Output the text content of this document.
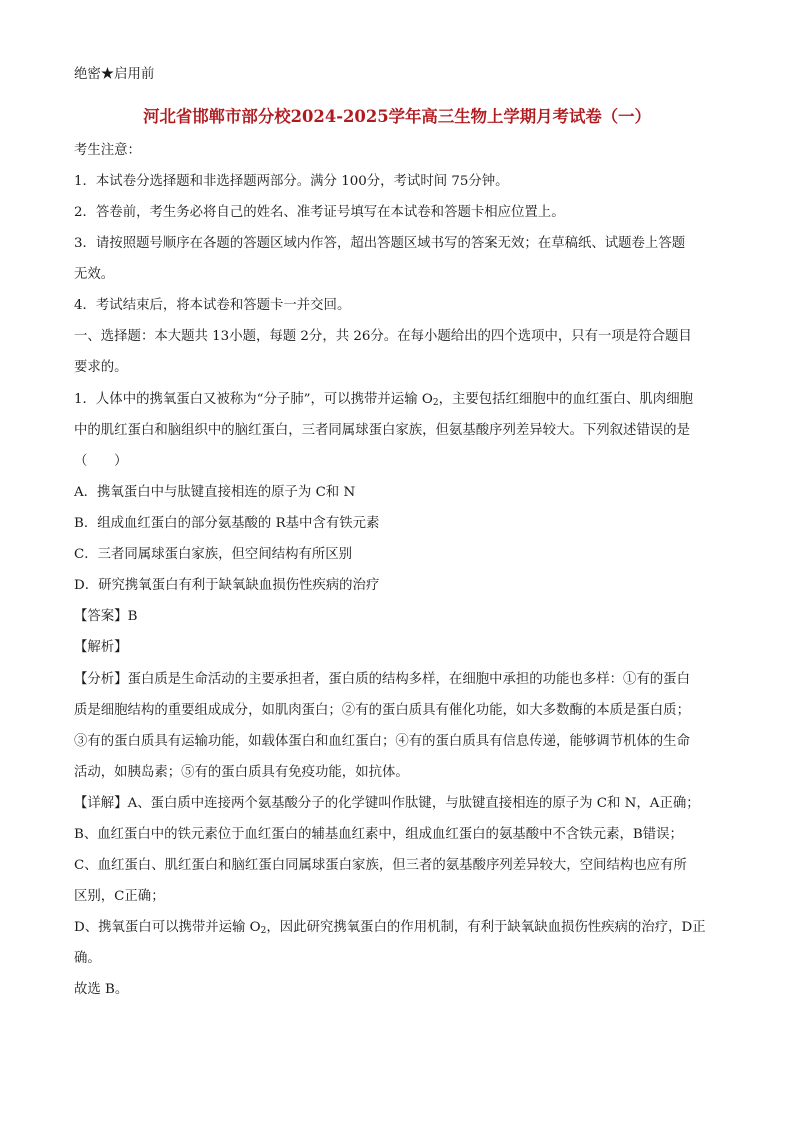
绝密★启用前
河北省邯郸市部分校2024-2025学年高三生物上学期月考试卷（一）
考生注意：
1．本试卷分选择题和非选择题两部分。满分 100分，考试时间 75分钟。
2．答卷前，考生务必将自己的姓名、准考证号填写在本试卷和答题卡相应位置上。
3．请按照题号顺序在各题的答题区域内作答，超出答题区域书写的答案无效；在草稿纸、试题卷上答题
无效。
4．考试结束后，将本试卷和答题卡一并交回。
一、选择题：本大题共 13小题，每题 2分，共 26分。在每小题给出的四个选项中，只有一项是符合题目
要求的。
1．人体中的携氧蛋白又被称为“分子肺”，可以携带并运输 $O_2$，主要包括红细胞中的血红蛋白、肌肉细胞
中的肌红蛋白和脑组织中的脑红蛋白，三者同属球蛋白家族，但氨基酸序列差异较大。下列叙述错误的是
（　　）
A．携氧蛋白中与肽键直接相连的原子为 C和 N
B．组成血红蛋白的部分氨基酸的 R基中含有铁元素
C．三者同属球蛋白家族，但空间结构有所区别
D．研究携氧蛋白有利于缺氧缺血损伤性疾病的治疗
【答案】B
【解析】
【分析】蛋白质是生命活动的主要承担者，蛋白质的结构多样，在细胞中承担的功能也多样：①有的蛋白
质是细胞结构的重要组成成分，如肌肉蛋白；②有的蛋白质具有催化功能，如大多数酶的本质是蛋白质；
③有的蛋白质具有运输功能，如载体蛋白和血红蛋白；④有的蛋白质具有信息传递，能够调节机体的生命
活动，如胰岛素；⑤有的蛋白质具有免疫功能，如抗体。
【详解】A、蛋白质中连接两个氨基酸分子的化学键叫作肽键，与肽键直接相连的原子为 C和 N，A正确；
B、血红蛋白中的铁元素位于血红蛋白的辅基血红素中，组成血红蛋白的氨基酸中不含铁元素，B错误；
C、血红蛋白、肌红蛋白和脑红蛋白同属球蛋白家族，但三者的氨基酸序列差异较大，空间结构也应有所
区别，C正确；
D、携氧蛋白可以携带并运输 $O_2$，因此研究携氧蛋白的作用机制，有利于缺氧缺血损伤性疾病的治疗，D正
确。
故选 B。
